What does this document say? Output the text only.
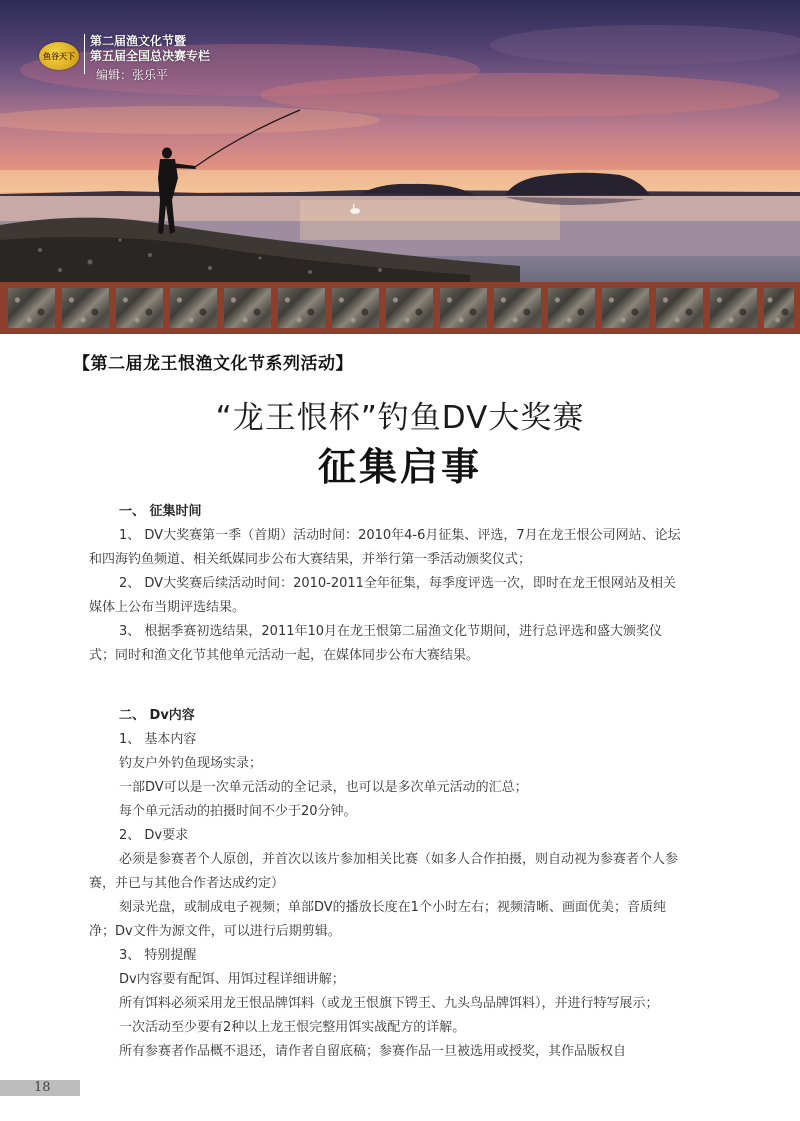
鱼谷天下
第二届渔文化节暨
第五届全国总决赛专栏
编辑：张乐平
【第二届龙王恨渔文化节系列活动】
“龙王恨杯”钓鱼DV大奖赛
征集启事

一、 征集时间

1、 DV大奖赛第一季（首期）活动时间：2010年4-6月征集、评选，7月在龙王恨公司网站、论坛和四海钓鱼频道、相关纸媒同步公布大赛结果，并举行第一季活动颁奖仪式；

2、 DV大奖赛后续活动时间：2010-2011全年征集，每季度评选一次，即时在龙王恨网站及相关媒体上公布当期评选结果。

3、 根据季赛初选结果，2011年10月在龙王恨第二届渔文化节期间，进行总评选和盛大颁奖仪式；同时和渔文化节其他单元活动一起，在媒体同步公布大赛结果。

二、 Dv内容

1、 基本内容

钓友户外钓鱼现场实录；

一部DV可以是一次单元活动的全记录，也可以是多次单元活动的汇总；

每个单元活动的拍摄时间不少于20分钟。

2、 Dv要求

必须是参赛者个人原创，并首次以该片参加相关比赛（如多人合作拍摄，则自动视为参赛者个人参赛，并已与其他合作者达成约定）

刻录光盘，或制成电子视频；单部DV的播放长度在1个小时左右；视频清晰、画面优美；音质纯净；Dv文件为源文件，可以进行后期剪辑。

3、 特别提醒

Dv内容要有配饵、用饵过程详细讲解；

所有饵料必须采用龙王恨品牌饵料（或龙王恨旗下锷王、九头鸟品牌饵料），并进行特写展示；

一次活动至少要有2种以上龙王恨完整用饵实战配方的详解。

所有参赛者作品概不退还，请作者自留底稿；参赛作品一旦被选用或授奖，其作品版权自

18
